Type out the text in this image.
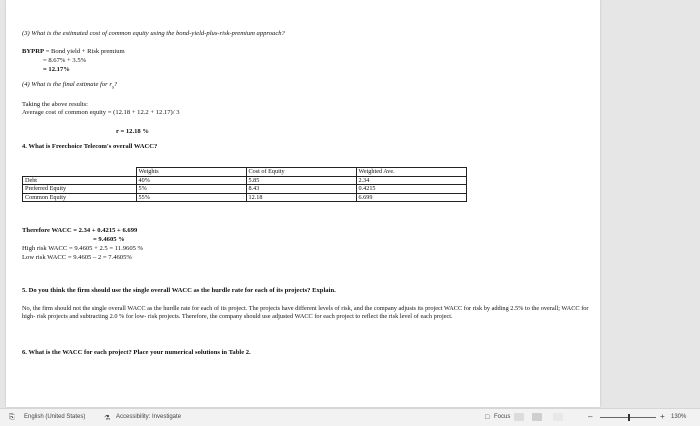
(3) What is the estimated cost of common equity using the bond-yield-plus-risk-premium approach?
BYPRP = Bond yield + Risk premium
= 8.67% + 3.5%
= 12.17%
(4) What is the final estimate for $r_s$?
Taking the above results:
Average cost of common equity = (12.18 + 12.2 + 12.17)/ 3
r = 12.18 %
4. What is Freechoice Telecom's overall WACC?
	Weights	Cost of Equity	Weighted Ave.
Debt	40%	5.85	2.34
Preferred Equity	5%	8.43	0.4215
Common Equity	55%	12.18	6.699
Therefore WACC = 2.34 + 0.4215 + 6.699
= 9.4605 %
High risk WACC = 9.4605 + 2.5 = 11.9605 %
Low risk WACC = 9.4605 – 2 = 7.4605%
5. Do you think the firm should use the single overall WACC as the hurdle rate for each of its projects? Explain.
No, the firm should not the single overall WACC as the hurdle rate for each of its project. The projects have different levels of risk, and the company adjusts its project WACC for risk by adding 2.5% to the overall; WACC for high- risk projects and subtracting 2.0 % for low- risk projects. Therefore, the company should use adjusted WACC for each project to reflect the risk level of each project.
6. What is the WACC for each project? Place your numerical solutions in Table 2.
⎘ English (United States)	⚗ Accessibility: Investigate	□ Focus	–	+ 130%
